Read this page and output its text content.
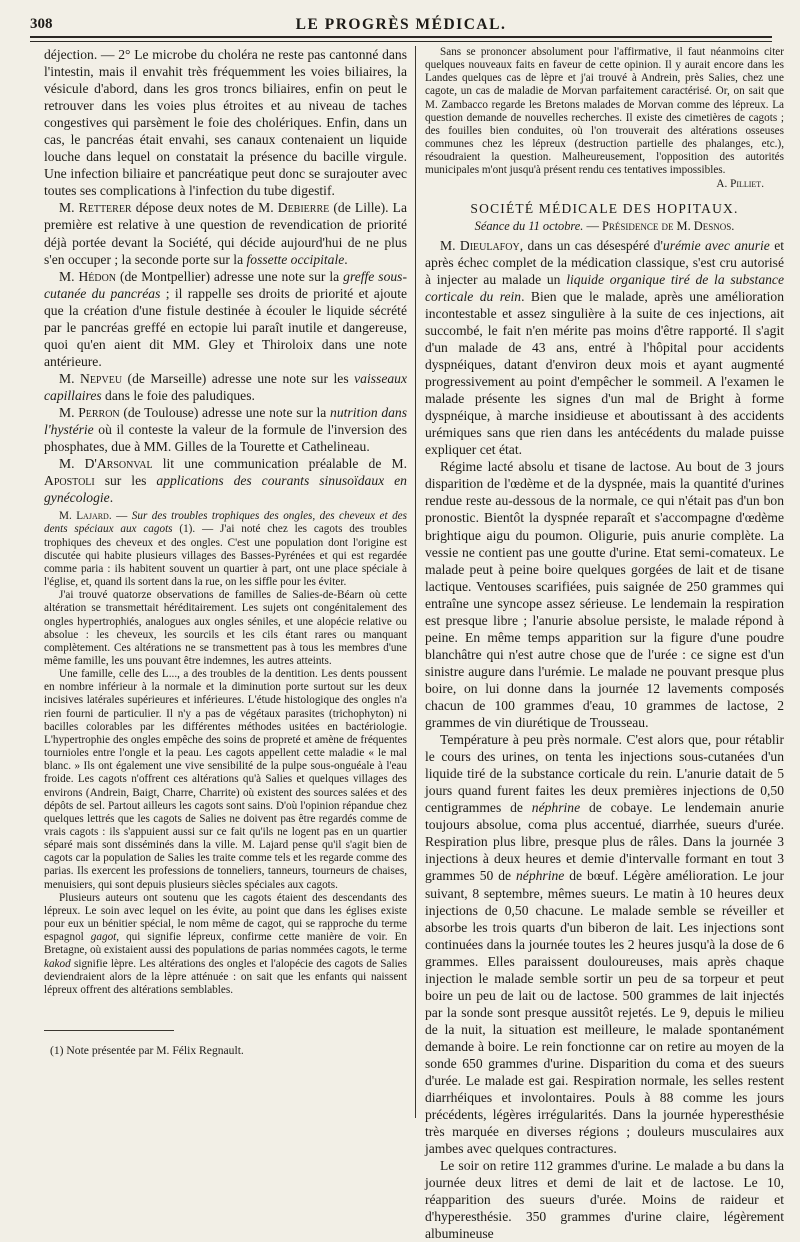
308	LE PROGRÈS MÉDICAL.

déjection. — 2° Le microbe du choléra ne reste pas cantonné dans l'intestin, mais il envahit très fréquemment les voies biliaires, la vésicule d'abord, dans les gros troncs biliaires, enfin on peut le retrouver dans les voies plus étroites et au niveau de taches congestives qui parsèment le foie des cholériques. Enfin, dans un cas, le pancréas était envahi, ses canaux contenaient un liquide louche dans lequel on constatait la présence du bacille virgule. Une infection biliaire et pancréatique peut donc se surajouter avec toutes ses complications à l'infection du tube digestif.

M. Retterer dépose deux notes de M. Debierre (de Lille). La première est relative à une question de revendication de priorité déjà portée devant la Société, qui décide aujourd'hui de ne plus s'en occuper ; la seconde porte sur la fossette occipitale.

M. Hédon (de Montpellier) adresse une note sur la greffe sous-cutanée du pancréas ; il rappelle ses droits de priorité et ajoute que la création d'une fistule destinée à écouler le liquide sécrété par le pancréas greffé en ectopie lui paraît inutile et dangereuse, quoi qu'en aient dit MM. Gley et Thiroloix dans une note antérieure.

M. Nepveu (de Marseille) adresse une note sur les vaisseaux capillaires dans le foie des paludiques.

M. Perron (de Toulouse) adresse une note sur la nutrition dans l'hystérie où il conteste la valeur de la formule de l'inversion des phosphates, due à MM. Gilles de la Tourette et Cathelineau.

M. D'Arsonval lit une communication préalable de M. Apostoli sur les applications des courants sinusoïdaux en gynécologie.

M. Lajard. — Sur des troubles trophiques des ongles, des cheveux et des dents spéciaux aux cagots (1). — J'ai noté chez les cagots des troubles trophiques des cheveux et des ongles. C'est une population dont l'origine est discutée qui habite plusieurs villages des Basses-Pyrénées et qui est regardée comme paria : ils habitent souvent un quartier à part, ont une place spéciale à l'église, et, quand ils sortent dans la rue, on les siffle pour les éviter.

J'ai trouvé quatorze observations de familles de Salies-de-Béarn où cette altération se transmettait héréditairement. Les sujets ont congénitalement des ongles hypertrophiés, analogues aux ongles séniles, et une alopécie relative ou absolue : les cheveux, les sourcils et les cils étant rares ou manquant complètement. Ces altérations ne se transmettent pas à tous les membres d'une même famille, les uns pouvant être indemnes, les autres atteints.

Une famille, celle des L..., a des troubles de la dentition. Les dents poussent en nombre inférieur à la normale et la diminution porte surtout sur les deux incisives latérales supérieures et inférieures. L'étude histologique des ongles n'a rien fourni de particulier. Il n'y a pas de végétaux parasites (trichophyton) ni bacilles colorables par les différentes méthodes usitées en bactériologie. L'hypertrophie des ongles empêche des soins de propreté et amène de fréquentes tournioles entre l'ongle et la peau. Les cagots appellent cette maladie « le mal blanc. » Ils ont également une vive sensibilité de la pulpe sous-onguéale à l'eau froide. Les cagots n'offrent ces altérations qu'à Salies et quelques villages des environs (Andrein, Baigt, Charre, Charrite) où existent des sources salées et des dépôts de sel. Partout ailleurs les cagots sont sains. D'où l'opinion répandue chez quelques lettrés que les cagots de Salies ne doivent pas être regardés comme de vrais cagots : ils s'appuient aussi sur ce fait qu'ils ne logent pas en un quartier séparé mais sont disséminés dans la ville. M. Lajard pense qu'il s'agit bien de cagots car la population de Salies les traite comme tels et les regarde comme des parias. Ils exercent les professions de tonneliers, tanneurs, tourneurs de chaises, menuisiers, qui sont depuis plusieurs siècles spéciales aux cagots.

Plusieurs auteurs ont soutenu que les cagots étaient des descendants des lépreux. Le soin avec lequel on les évite, au point que dans les églises existe pour eux un bénitier spécial, le nom même de cagot, qui se rapproche du terme espagnol gagot, qui signifie lépreux, confirme cette manière de voir. En Bretagne, où existaient aussi des populations de parias nommées cagots, le terme kakod signifie lèpre. Les altérations des ongles et l'alopécie des cagots de Salies deviendraient alors de la lèpre atténuée : on sait que les enfants qui naissent lépreux offrent des altérations semblables.

Sans se prononcer absolument pour l'affirmative, il faut néanmoins citer quelques nouveaux faits en faveur de cette opinion. Il y aurait encore dans les Landes quelques cas de lèpre et j'ai trouvé à Andrein, près Salies, chez une cagote, un cas de maladie de Morvan parfaitement caractérisé. Or, on sait que M. Zambacco regarde les Bretons malades de Morvan comme des lépreux. La question demande de nouvelles recherches. Il existe des cimetières de cagots ; des fouilles bien conduites, où l'on trouverait des altérations osseuses communes chez les lépreux (destruction partielle des phalanges, etc.), résoudraient la question. Malheureusement, l'opposition des autorités municipales m'ont jusqu'à présent rendu ces tentatives impossibles.
A. Pilliet.

SOCIÉTÉ MÉDICALE DES HOPITAUX.
Séance du 11 octobre. — Présidence de M. Desnos.

M. Dieulafoy, dans un cas désespéré d'urémie avec anurie et après échec complet de la médication classique, s'est cru autorisé à injecter au malade un liquide organique tiré de la substance corticale du rein. Bien que le malade, après une amélioration incontestable et assez singulière à la suite de ces injections, ait succombé, le fait n'en mérite pas moins d'être rapporté. Il s'agit d'un malade de 43 ans, entré à l'hôpital pour accidents dyspnéiques, datant d'environ deux mois et ayant augmenté progressivement au point d'empêcher le sommeil. A l'examen le malade présente les signes d'un mal de Bright à forme dyspnéique, à marche insidieuse et aboutissant à des accidents urémiques sans que rien dans les antécédents du malade puisse expliquer cet état.

Régime lacté absolu et tisane de lactose. Au bout de 3 jours disparition de l'œdème et de la dyspnée, mais la quantité d'urines rendue reste au-dessous de la normale, ce qui n'était pas d'un bon pronostic. Bientôt la dyspnée reparaît et s'accompagne d'œdème brightique aigu du poumon. Oligurie, puis anurie complète. La vessie ne contient pas une goutte d'urine. Etat semi-comateux. Le malade peut à peine boire quelques gorgées de lait et de tisane lactique. Ventouses scarifiées, puis saignée de 250 grammes qui entraîne une syncope assez sérieuse. Le lendemain la respiration est presque libre ; l'anurie absolue persiste, le malade répond à peine. En même temps apparition sur la figure d'une poudre blanchâtre qui n'est autre chose que de l'urée : ce signe est d'un sinistre augure dans l'urémie. Le malade ne pouvant presque plus boire, on lui donne dans la journée 12 lavements composés chacun de 100 grammes d'eau, 10 grammes de lactose, 2 grammes de vin diurétique de Trousseau.

Température à peu près normale. C'est alors que, pour rétablir le cours des urines, on tenta les injections sous-cutanées d'un liquide tiré de la substance corticale du rein. L'anurie datait de 5 jours quand furent faites les deux premières injections de 0,50 centigrammes de néphrine de cobaye. Le lendemain anurie toujours absolue, coma plus accentué, diarrhée, sueurs d'urée. Respiration plus libre, presque plus de râles. Dans la journée 3 injections à deux heures et demie d'intervalle formant en tout 3 grammes 50 de néphrine de bœuf. Légère amélioration. Le jour suivant, 8 septembre, mêmes sueurs. Le matin à 10 heures deux injections de 0,50 chacune. Le malade semble se réveiller et absorbe les trois quarts d'un biberon de lait. Les injections sont continuées dans la journée toutes les 2 heures jusqu'à la dose de 6 grammes. Elles paraissent douloureuses, mais après chaque injection le malade semble sortir un peu de sa torpeur et peut boire un peu de lait ou de lactose. 500 grammes de lait injectés par la sonde sont presque aussitôt rejetés. Le 9, depuis le milieu de la nuit, la situation est meilleure, le malade spontanément demande à boire. Le rein fonctionne car on retire au moyen de la sonde 650 grammes d'urine. Disparition du coma et des sueurs d'urée. Le malade est gai. Respiration normale, les selles restent diarrhéiques et involontaires. Pouls à 88 comme les jours précédents, légères irrégularités. Dans la journée hyperesthésie très marquée en diverses régions ; douleurs musculaires aux jambes avec quelques contractures.

Le soir on retire 112 grammes d'urine. Le malade a bu dans la journée deux litres et demi de lait et de lactose. Le 10, réapparition des sueurs d'urée. Moins de raideur et d'hyperesthésie. 350 grammes d'urine claire, légèrement albumineuse

(1) Note présentée par M. Félix Regnault.
